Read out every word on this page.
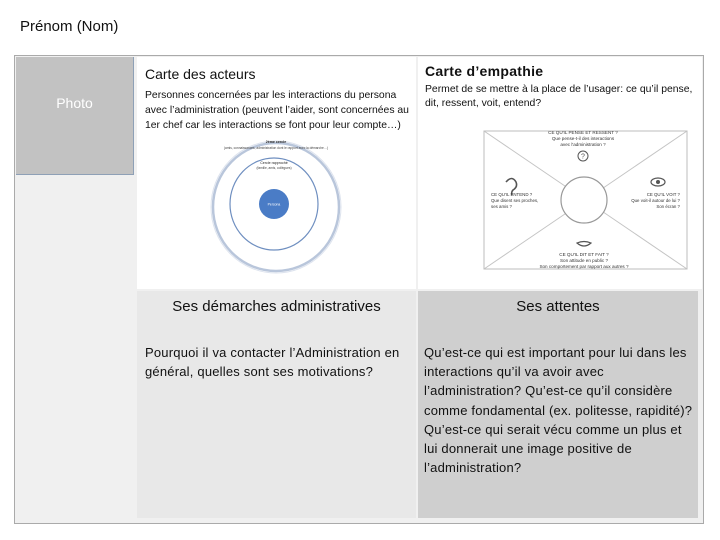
Prénom (Nom)
Photo
Carte des acteurs
Personnes concernées par les interactions du persona avec l’administration (peuvent l’aider, sont concernées au 1er chef car les interactions se font pour leur compte…)
2ème cercle
(amis, connaissances, administration dont le rapport avec la démarche…)
Cercle rapproché
(famille, amis, collègues)
Persona
Carte d’empathie
Permet de se mettre à la place de l’usager: ce qu’il pense, dit, ressent, voit, entend?
?
CE QU'IL PENSE ET RESSENT ?
Que pense-t-il des interactions
avec l'administration ?
CE QU'IL ENTEND ?
Que disent ses proches,
ses amis ?
CE QU'IL VOIT ?
Que voit-il autour de lui ?
Son écran ?
CE QU'IL DIT ET FAIT ?
Son attitude en public ?
Son comportement par rapport aux autres ?
Ses démarches administratives
Pourquoi il va contacter l’Administration en général, quelles sont ses motivations?
Ses attentes
Qu’est-ce qui est important pour lui dans les interactions qu’il va avoir avec l’administration? Qu’est-ce qu’il considère comme fondamental (ex. politesse, rapidité)? Qu’est-ce qui serait vécu comme un plus et lui donnerait une image positive de l’administration?
